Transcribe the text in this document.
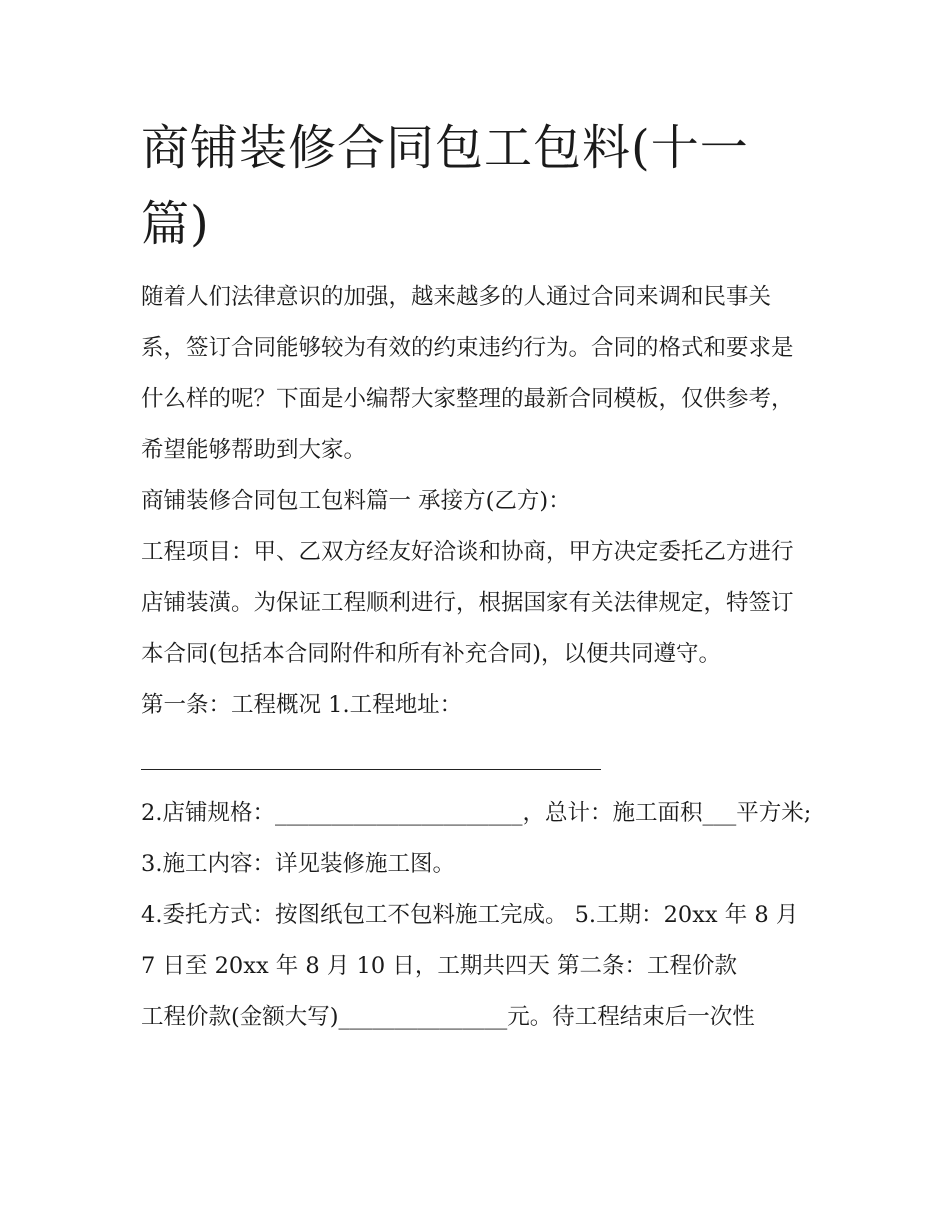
商铺装修合同包工包料(十一篇)

随着人们法律意识的加强，越来越多的人通过合同来调和民事关系，签订合同能够较为有效的约束违约行为。合同的格式和要求是什么样的呢？下面是小编帮大家整理的最新合同模板，仅供参考，希望能够帮助到大家。

商铺装修合同包工包料篇一 承接方(乙方)：

工程项目：甲、乙双方经友好洽谈和协商，甲方决定委托乙方进行店铺装潢。为保证工程顺利进行，根据国家有关法律规定，特签订本合同(包括本合同附件和所有补充合同)，以便共同遵守。

第一条：工程概况 1.工程地址：

2.店铺规格：______________________，总计：施工面积___平方米; 3.施工内容：详见装修施工图。

4.委托方式：按图纸包工不包料施工完成。 5.工期：20xx 年 8 月 7 日至 20xx 年 8 月 10 日，工期共四天 第二条：工程价款

工程价款(金额大写)_______________元。待工程结束后一次性
